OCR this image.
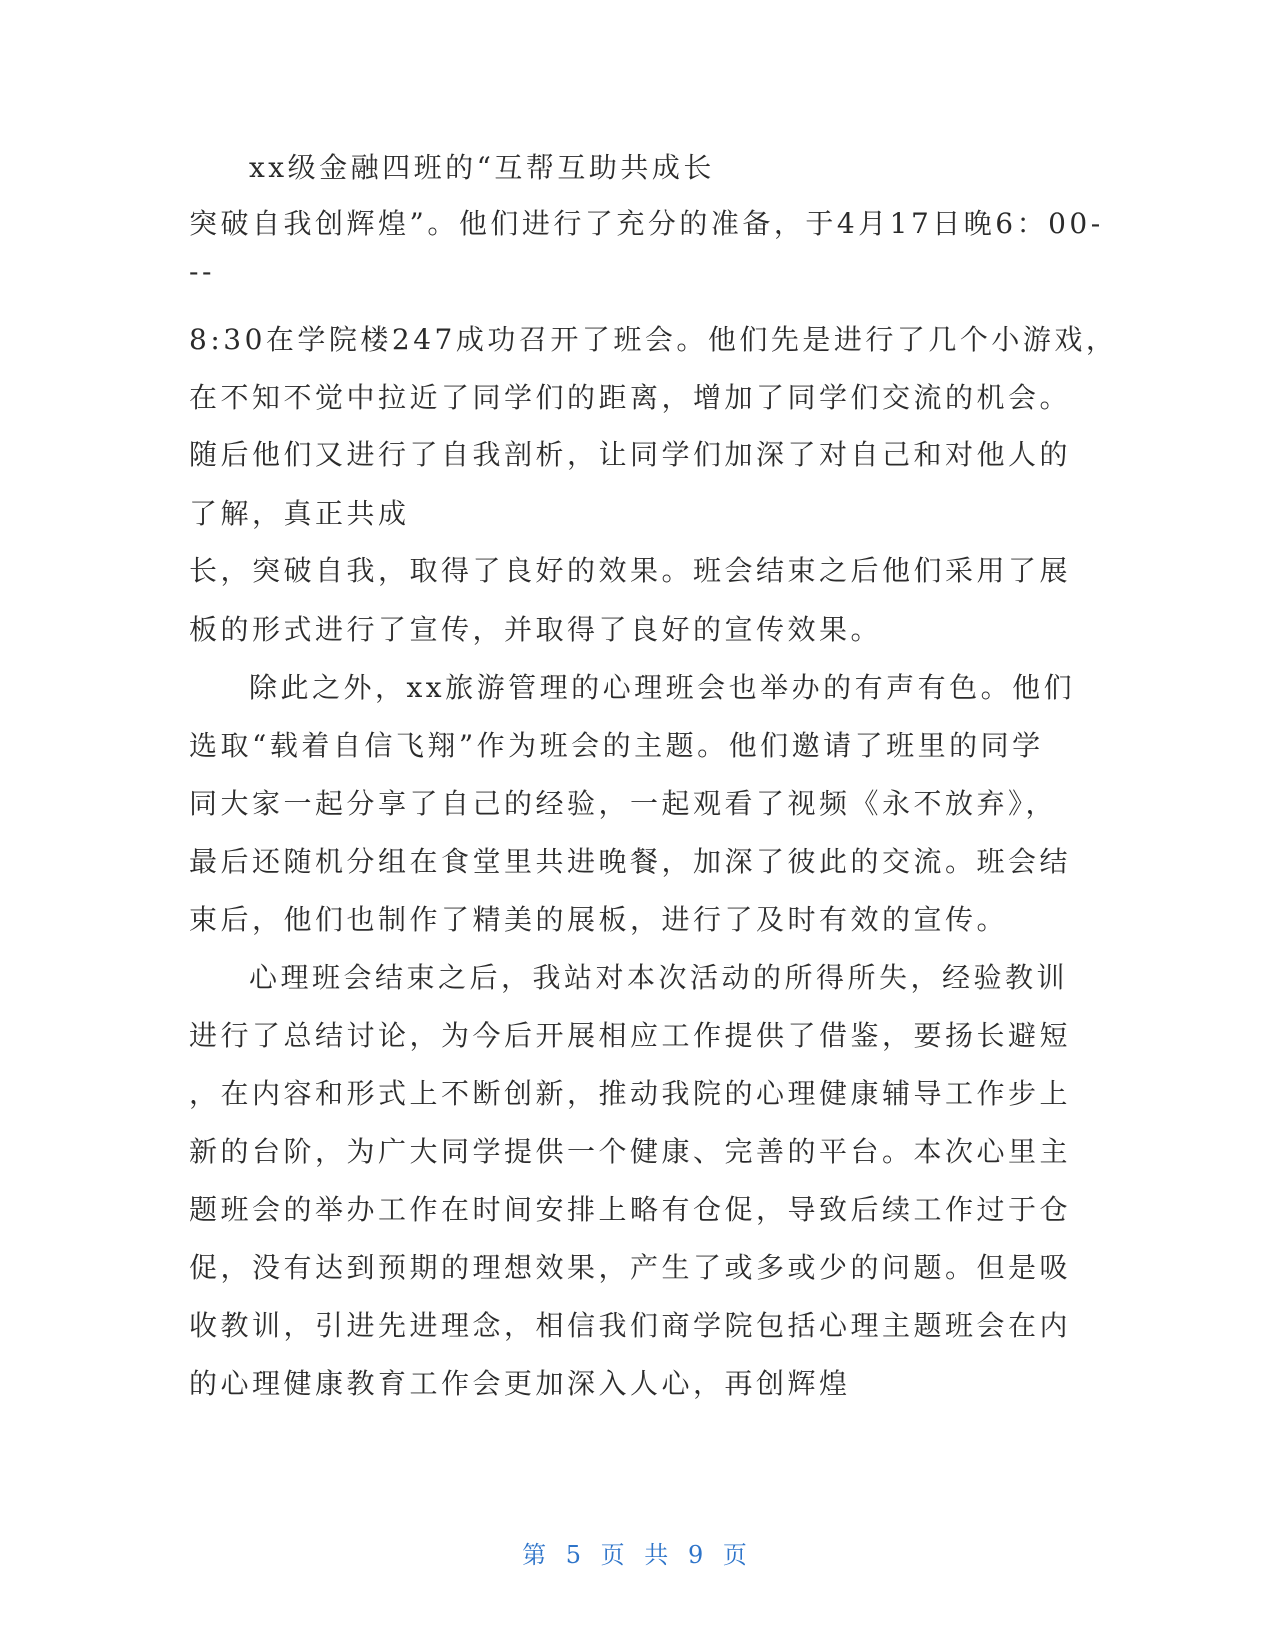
xx级金融四班的“互帮互助共成长
突破自我创辉煌”。他们进行了充分的准备，于4月17日晚6：00-
--
8:30在学院楼247成功召开了班会。他们先是进行了几个小游戏，
在不知不觉中拉近了同学们的距离，增加了同学们交流的机会。
随后他们又进行了自我剖析，让同学们加深了对自己和对他人的
了解，真正共成
长，突破自我，取得了良好的效果。班会结束之后他们采用了展
板的形式进行了宣传，并取得了良好的宣传效果。
除此之外，xx旅游管理的心理班会也举办的有声有色。他们
选取“载着自信飞翔”作为班会的主题。他们邀请了班里的同学
同大家一起分享了自己的经验，一起观看了视频《永不放弃》，
最后还随机分组在食堂里共进晚餐，加深了彼此的交流。班会结
束后，他们也制作了精美的展板，进行了及时有效的宣传。
心理班会结束之后，我站对本次活动的所得所失，经验教训
进行了总结讨论，为今后开展相应工作提供了借鉴，要扬长避短
，在内容和形式上不断创新，推动我院的心理健康辅导工作步上
新的台阶，为广大同学提供一个健康、完善的平台。本次心里主
题班会的举办工作在时间安排上略有仓促，导致后续工作过于仓
促，没有达到预期的理想效果，产生了或多或少的问题。但是吸
收教训，引进先进理念，相信我们商学院包括心理主题班会在内
的心理健康教育工作会更加深入人心，再创辉煌
第 5 页 共 9 页
